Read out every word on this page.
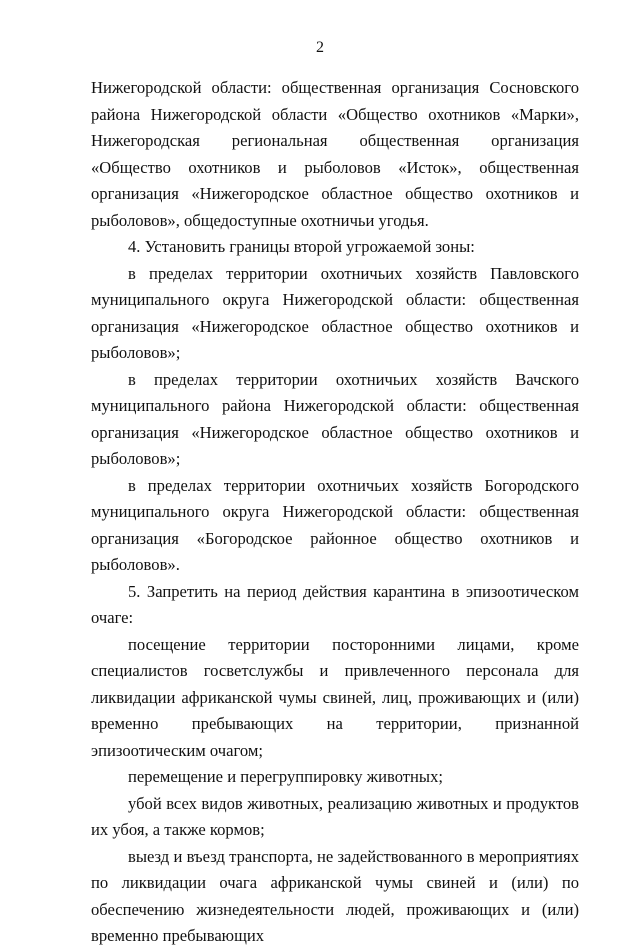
2

Нижегородской области: общественная организация Сосновского района Нижегородской области «Общество охотников «Марки», Нижегородская региональная общественная организация «Общество охотников и рыболовов «Исток», общественная организация «Нижегородское областное общество охотников и рыболовов», общедоступные охотничьи угодья.

4. Установить границы второй угрожаемой зоны:

в пределах территории охотничьих хозяйств Павловского муниципального округа Нижегородской области: общественная организация «Нижегородское областное общество охотников и рыболовов»;

в пределах территории охотничьих хозяйств Вачского муниципального района Нижегородской области: общественная организация «Нижегородское областное общество охотников и рыболовов»;

в пределах территории охотничьих хозяйств Богородского муниципального округа Нижегородской области: общественная организация «Богородское районное общество охотников и рыболовов».

5. Запретить на период действия карантина в эпизоотическом очаге:

посещение территории посторонними лицами, кроме специалистов госветслужбы и привлеченного персонала для ликвидации африканской чумы свиней, лиц, проживающих и (или) временно пребывающих на территории, признанной эпизоотическим очагом;

перемещение и перегруппировку животных;

убой всех видов животных, реализацию животных и продуктов их убоя, а также кормов;

выезд и въезд транспорта, не задействованного в мероприятиях по ликвидации очага африканской чумы свиней и (или) по обеспечению жизнедеятельности людей, проживающих и (или) временно пребывающих
